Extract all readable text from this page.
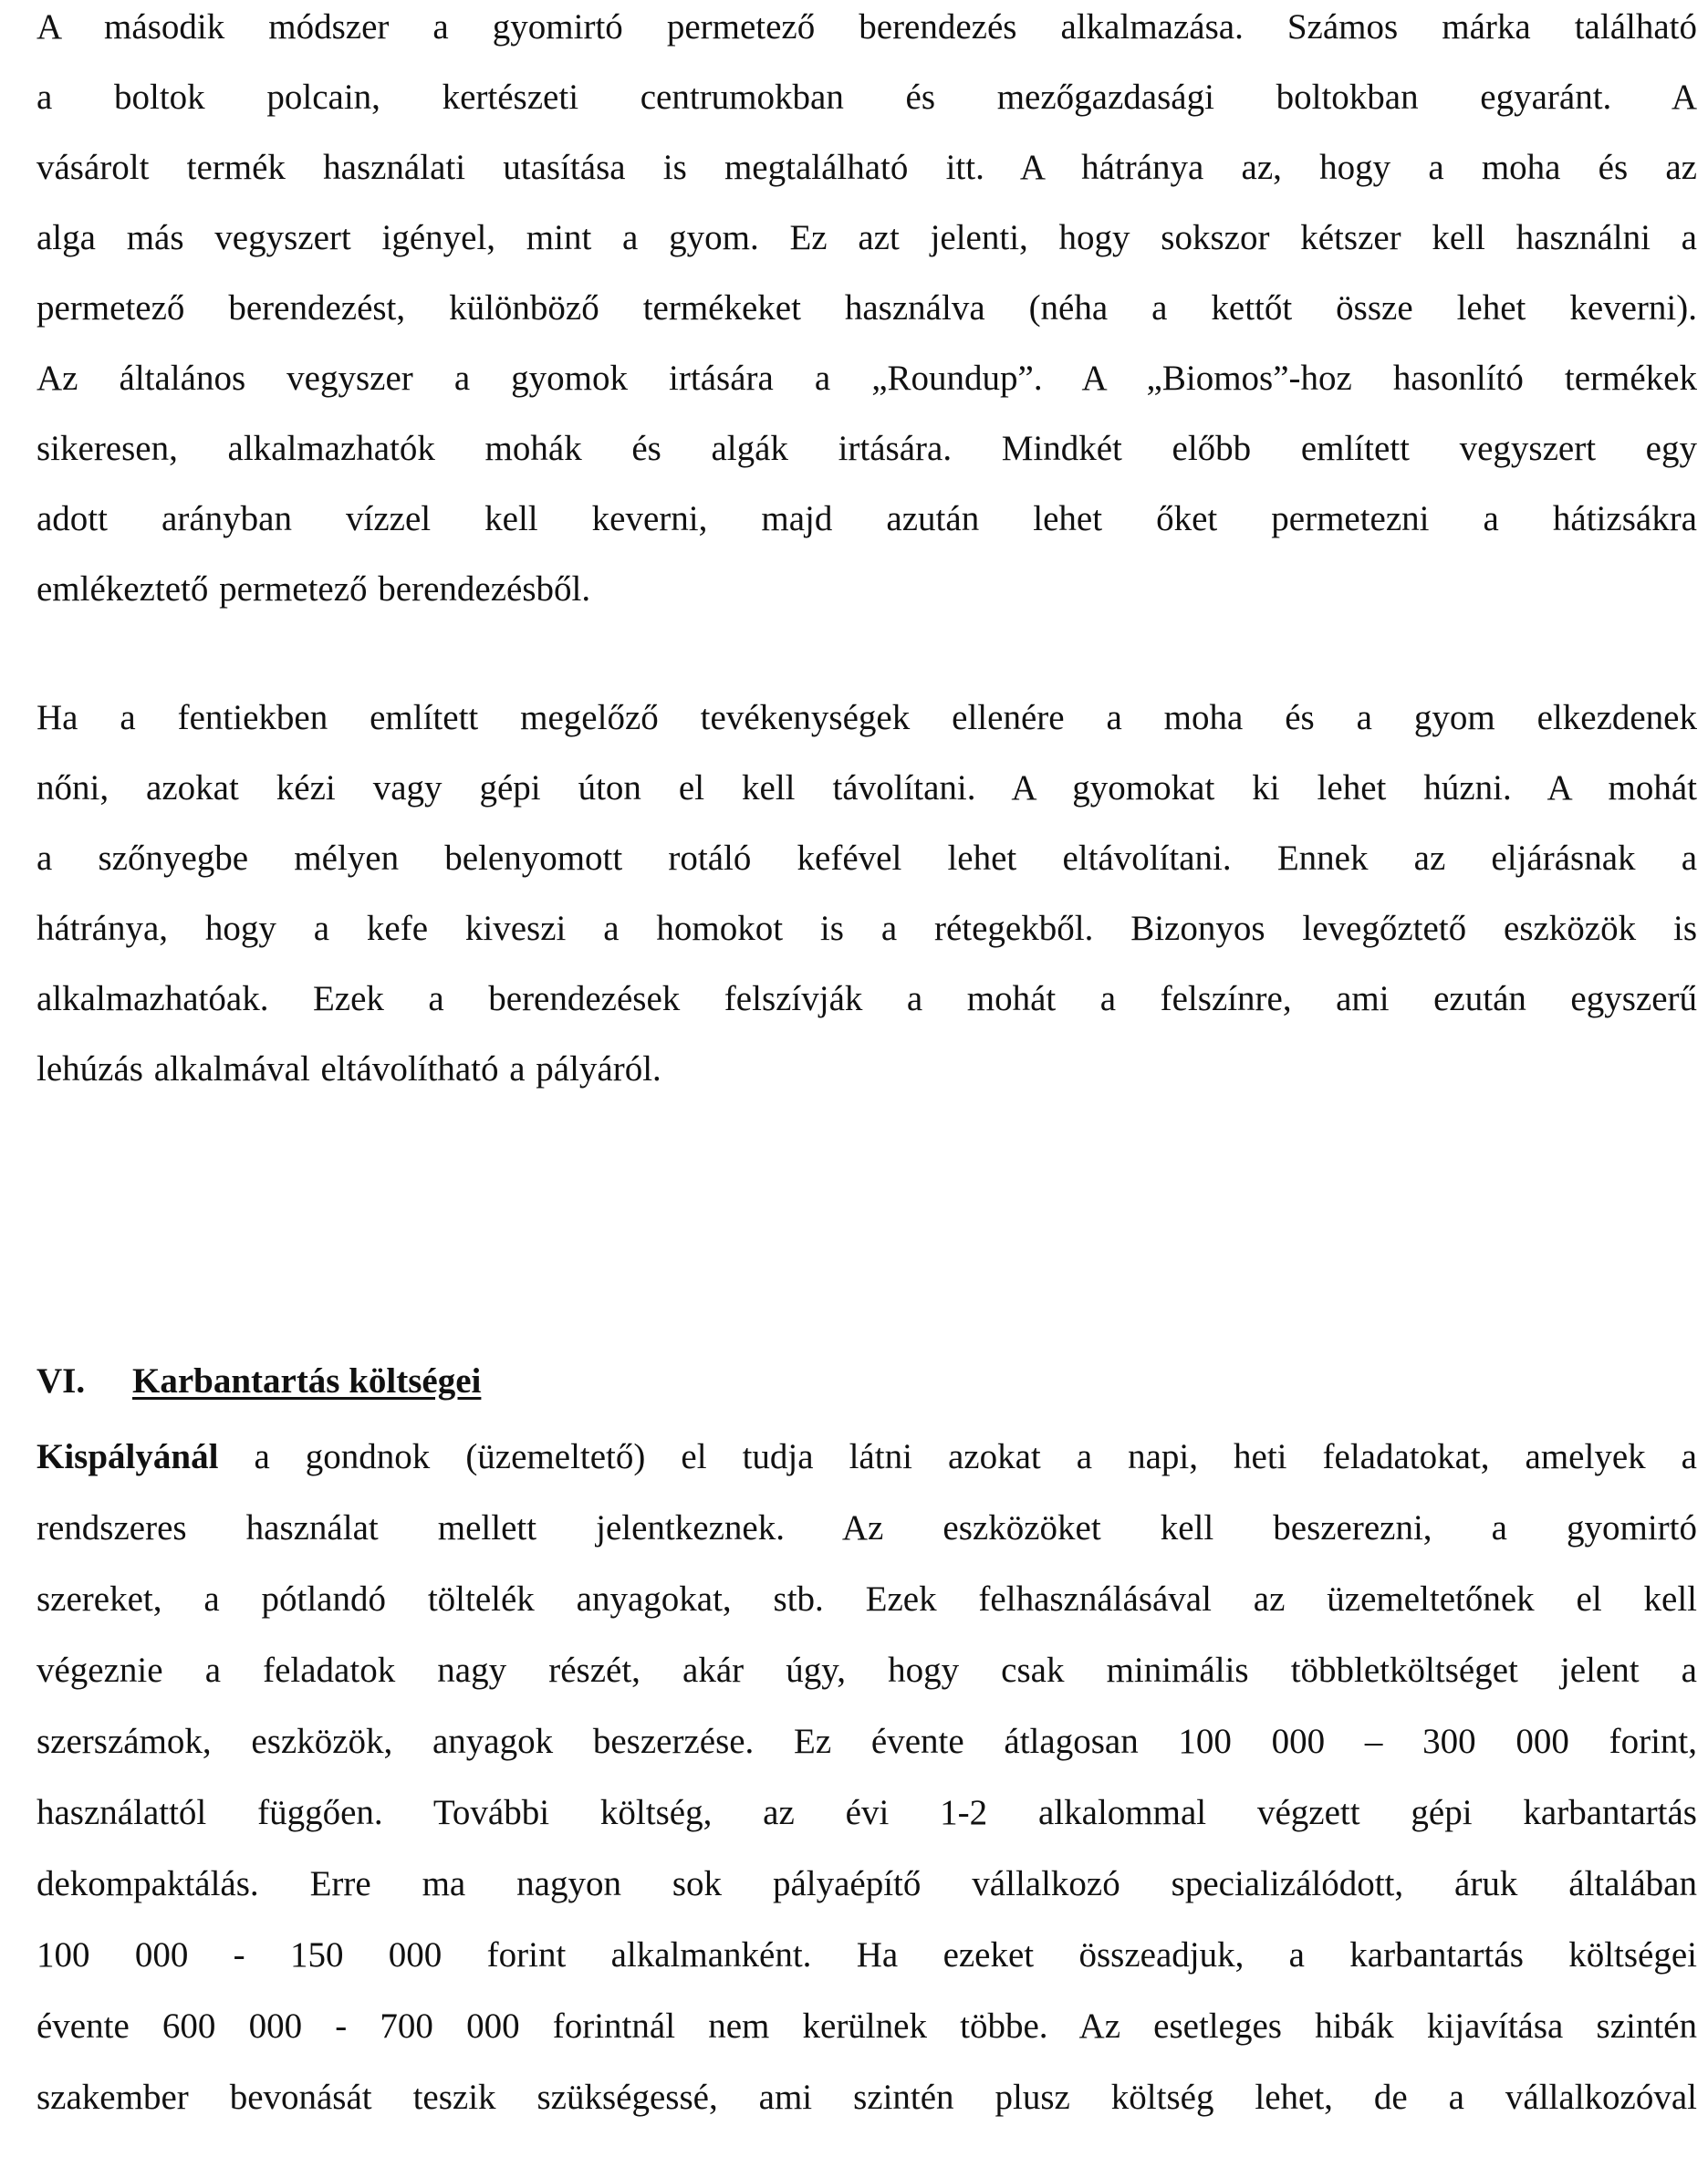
A második módszer a gyomirtó permetező berendezés alkalmazása. Számos márka található
a boltok polcain, kertészeti centrumokban és mezőgazdasági boltokban egyaránt. A
vásárolt termék használati utasítása is megtalálható itt. A hátránya az, hogy a moha és az
alga más vegyszert igényel, mint a gyom. Ez azt jelenti, hogy sokszor kétszer kell használni a
permetező berendezést, különböző termékeket használva (néha a kettőt össze lehet keverni).
Az általános vegyszer a gyomok irtására a „Roundup”. A „Biomos”-hoz hasonlító termékek
sikeresen, alkalmazhatók mohák és algák irtására. Mindkét előbb említett vegyszert egy
adott arányban vízzel kell keverni, majd azután lehet őket permetezni a hátizsákra
emlékeztető permetező berendezésből.
Ha a fentiekben említett megelőző tevékenységek ellenére a moha és a gyom elkezdenek
nőni, azokat kézi vagy gépi úton el kell távolítani. A gyomokat ki lehet húzni. A mohát
a szőnyegbe mélyen belenyomott rotáló kefével lehet eltávolítani. Ennek az eljárásnak a
hátránya, hogy a kefe kiveszi a homokot is a rétegekből. Bizonyos levegőztető eszközök is
alkalmazhatóak. Ezek a berendezések felszívják a mohát a felszínre, ami ezután egyszerű
lehúzás alkalmával eltávolítható a pályáról.
VI. Karbantartás költségei
Kispályánál a gondnok (üzemeltető) el tudja látni azokat a napi, heti feladatokat, amelyek a
rendszeres használat mellett jelentkeznek. Az eszközöket kell beszerezni, a gyomirtó
szereket, a pótlandó töltelék anyagokat, stb. Ezek felhasználásával az üzemeltetőnek el kell
végeznie a feladatok nagy részét, akár úgy, hogy csak minimális többletköltséget jelent a
szerszámok, eszközök, anyagok beszerzése. Ez évente átlagosan 100 000 – 300 000 forint,
használattól függően. További költség, az évi 1-2 alkalommal végzett gépi karbantartás
dekompaktálás. Erre ma nagyon sok pályaépítő vállalkozó specializálódott, áruk általában
100 000 - 150 000 forint alkalmanként. Ha ezeket összeadjuk, a karbantartás költségei
évente 600 000 - 700 000 forintnál nem kerülnek többe. Az esetleges hibák kijavítása szintén
szakember bevonását teszik szükségessé, ami szintén plusz költség lehet, de a vállalkozóval
